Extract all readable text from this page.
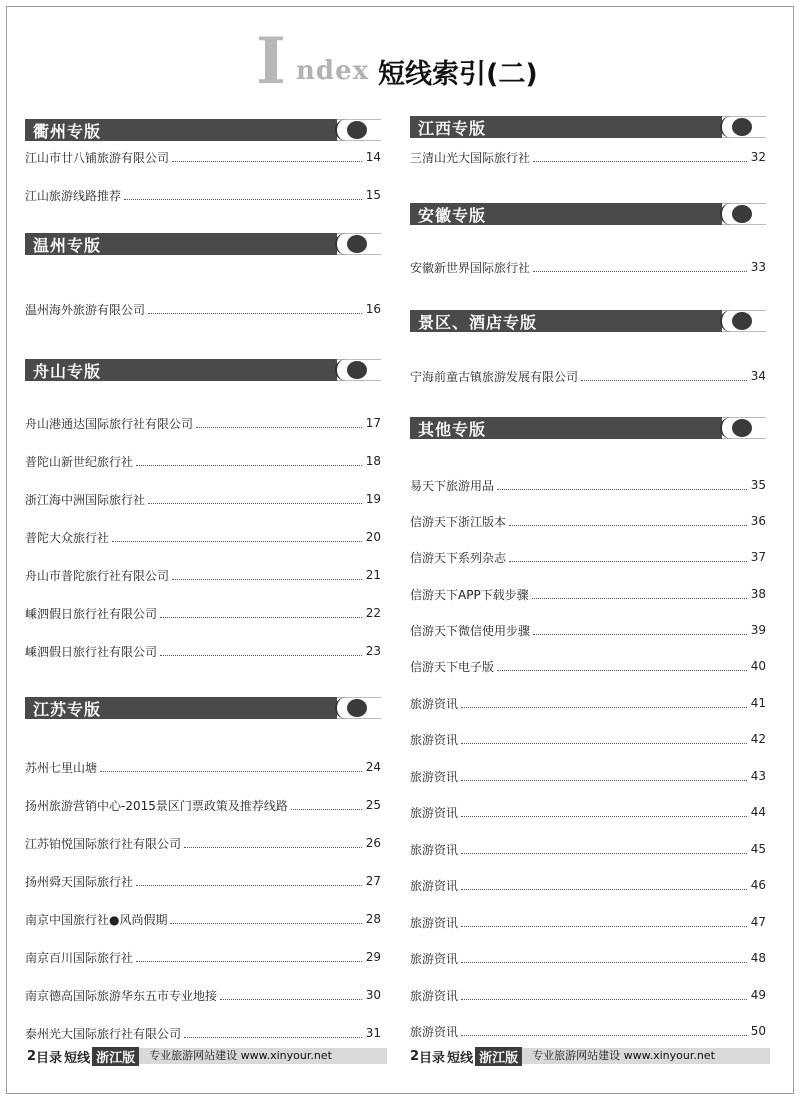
I ndex 短线索引(二)
衢州专版
江山市廿八铺旅游有限公司	14
江山旅游线路推荐	15
温州专版
温州海外旅游有限公司	16
舟山专版
舟山港通达国际旅行社有限公司	17
普陀山新世纪旅行社	18
浙江海中洲国际旅行社	19
普陀大众旅行社	20
舟山市普陀旅行社有限公司	21
嵊泗假日旅行社有限公司	22
嵊泗假日旅行社有限公司	23
江苏专版
苏州七里山塘	24
扬州旅游营销中心-2015景区门票政策及推荐线路	25
江苏铂悦国际旅行社有限公司	26
扬州舜天国际旅行社	27
南京中国旅行社●风尚假期	28
南京百川国际旅行社	29
南京德高国际旅游华东五市专业地接	30
泰州光大国际旅行社有限公司	31
江西专版
三清山光大国际旅行社	32
安徽专版
安徽新世界国际旅行社	33
景区、酒店专版
宁海前童古镇旅游发展有限公司	34
其他专版
易天下旅游用品	35
信游天下浙江版本	36
信游天下系列杂志	37
信游天下APP下载步骤	38
信游天下微信使用步骤	39
信游天下电子版	40
旅游资讯	41
旅游资讯	42
旅游资讯	43
旅游资讯	44
旅游资讯	45
旅游资讯	46
旅游资讯	47
旅游资讯	48
旅游资讯	49
旅游资讯	50
2 目录 短线 浙江版	专业旅游网站建设 www.xinyour.net	2 目录 短线 浙江版	专业旅游网站建设 www.xinyour.net
